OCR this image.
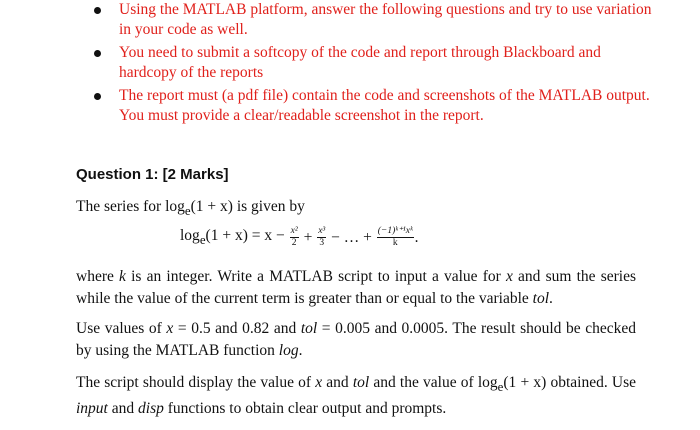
Using the MATLAB platform, answer the following questions and try to use variation in your code as well.
You need to submit a softcopy of the code and report through Blackboard and hardcopy of the reports
The report must (a pdf file) contain the code and screenshots of the MATLAB output. You must provide a clear/readable screenshot in the report.
Question 1: [2 Marks]
The series for $\log_e(1 + x)$ is given by
$\log_e(1 + x) = x - \frac{\text{x²}}{2} + \frac{\text{x³}}{3}$ − … + $\frac{\text{(−1)ᵏ⁺¹xᵏ}}{k}$ .
where k is an integer. Write a MATLAB script to input a value for x and sum the series while the value of the current term is greater than or equal to the variable tol.
Use values of x = 0.5 and 0.82 and tol = 0.005 and 0.0005. The result should be checked by using the MATLAB function log.
The script should display the value of x and tol and the value of $\log_e(1 + x)$ obtained. Use input and disp functions to obtain clear output and prompts.
